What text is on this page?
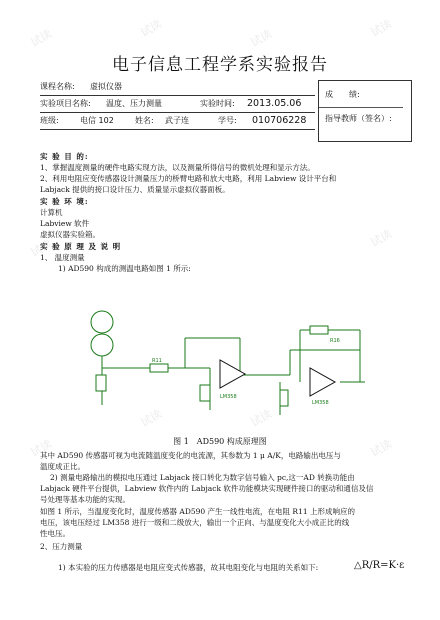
试读	试读	试读	试读
试读	试读
试读
试读	试读
试读
电子信息工程学系实验报告
课程名称: 虚拟仪器
实验项目名称: 温度、压力测量	实验时间: 2013.05.06
班级:	电信 102	姓名: 武子连	学号: 010706228
成　　绩:
指导教师（签名）:
实 验 目 的:
1、掌握温度测量的硬件电路实现方法，以及测量所得信号的微机处理和显示方法。
2、利用电阻应变传感器设计测量压力的桥臂电路和放大电路，利用 Labview 设计平台和
Labjack 提供的接口设计压力、质量显示虚拟仪器面板。
实 验 环 境:
计算机
Labview 软件
虚拟仪器实验箱。
实 验 原 理 及 说 明
1、 温度测量
1) AD590 构成的测温电路如图 1 所示:
R11
LM358
LM358
R16
图 1　AD590 构成原理图
其中 AD590 传感器可视为电流随温度变化的电流源，其参数为 1 μ A/K，电路输出电压与
温度成正比。
2) 测量电路输出的模拟电压通过 Labjack 接口转化为数字信号输入 pc,这一AD 转换功能由
Labjack 硬件平台提供，Labview 软件内的 Labjack 软件功能模块实现硬件接口的驱动和通信及信
号处理等基本功能的实现。
如图 1 所示，当温度变化时，温度传感器 AD590 产生一线性电流，在电阻 R11 上形成响应的
电压，该电压经过 LM358 进行一级和二级放大，输出一个正向、与温度变化大小成正比的线
性电压。
2、压力测量
1) 本实验的压力传感器是电阻应变式传感器，故其电阻变化与电阻的关系如下:	△R/R=K·ε
